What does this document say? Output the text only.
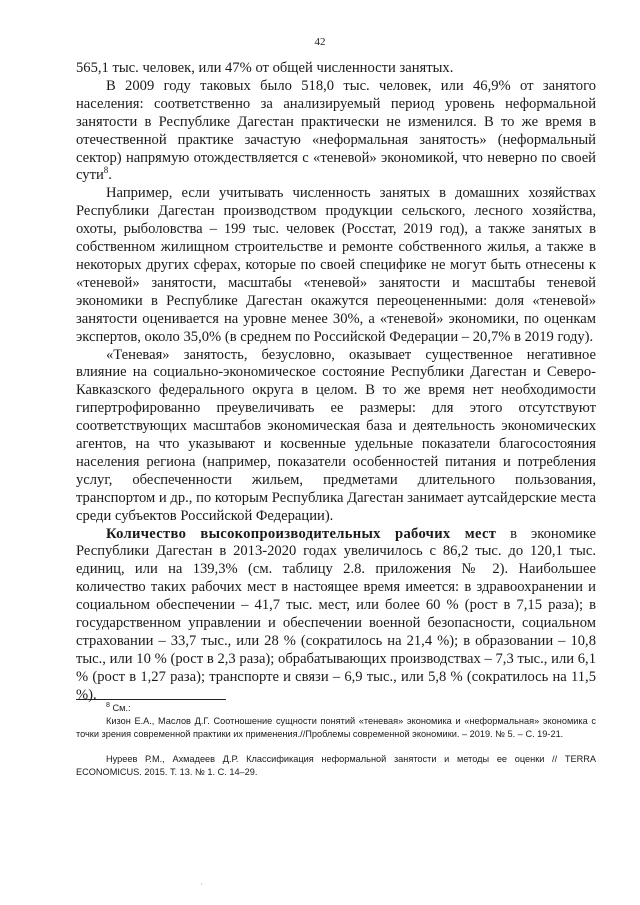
42

565,1 тыс. человек, или 47% от общей численности занятых.

В 2009 году таковых было 518,0 тыс. человек, или 46,9% от занятого населения: соответственно за анализируемый период уровень неформальной занятости в Республике Дагестан практически не изменился. В то же время в отечественной практике зачастую «неформальная занятость» (неформальный сектор) напрямую отождествляется с «теневой» экономикой, что неверно по своей сути$^8$.

Например, если учитывать численность занятых в домашних хозяйствах Республики Дагестан производством продукции сельского, лесного хозяйства, охоты, рыболовства – 199 тыс. человек (Росстат, 2019 год), а также занятых в собственном жилищном строительстве и ремонте собственного жилья, а также в некоторых других сферах, которые по своей специфике не могут быть отнесены к «теневой» занятости, масштабы «теневой» занятости и масштабы теневой экономики в Республике Дагестан окажутся переоцененными: доля «теневой» занятости оценивается на уровне менее 30%, а «теневой» экономики, по оценкам экспертов, около 35,0% (в среднем по Российской Федерации – 20,7% в 2019 году).

«Теневая» занятость, безусловно, оказывает существенное негативное влияние на социально-экономическое состояние Республики Дагестан и Северо-Кавказского федерального округа в целом. В то же время нет необходимости гипертрофированно преувеличивать ее размеры: для этого отсутствуют соответствующих масштабов экономическая база и деятельность экономических агентов, на что указывают и косвенные удельные показатели благосостояния населения региона (например, показатели особенностей питания и потребления услуг, обеспеченности жильем, предметами длительного пользования, транспортом и др., по которым Республика Дагестан занимает аутсайдерские места среди субъектов Российской Федерации).

Количество высокопроизводительных рабочих мест в экономике Республики Дагестан в 2013-2020 годах увеличилось с 86,2 тыс. до 120,1 тыс. единиц, или на 139,3% (см. таблицу 2.8. приложения № 2). Наибольшее количество таких рабочих мест в настоящее время имеется: в здравоохранении и социальном обеспечении – 41,7 тыс. мест, или более 60 % (рост в 7,15 раза); в государственном управлении и обеспечении военной безопасности, социальном страховании – 33,7 тыс., или 28 % (сократилось на 21,4 %); в образовании – 10,8 тыс., или 10 % (рост в 2,3 раза); обрабатывающих производствах – 7,3 тыс., или 6,1 % (рост в 1,27 раза); транспорте и связи – 6,9 тыс., или 5,8 % (сократилось на 11,5 %).

$^8$ См.:

Кизон Е.А., Маслов Д.Г. Соотношение сущности понятий «теневая» экономика и «неформальная» экономика с точки зрения современной практики их применения.//Проблемы современной экономики. – 2019. № 5. – С. 19-21.

Нуреев Р.М., Ахмадеев Д.Р. Классификация неформальной занятости и методы ее оценки // TERRA ECONOMICUS. 2015. Т. 13. № 1. С. 14–29.

·
